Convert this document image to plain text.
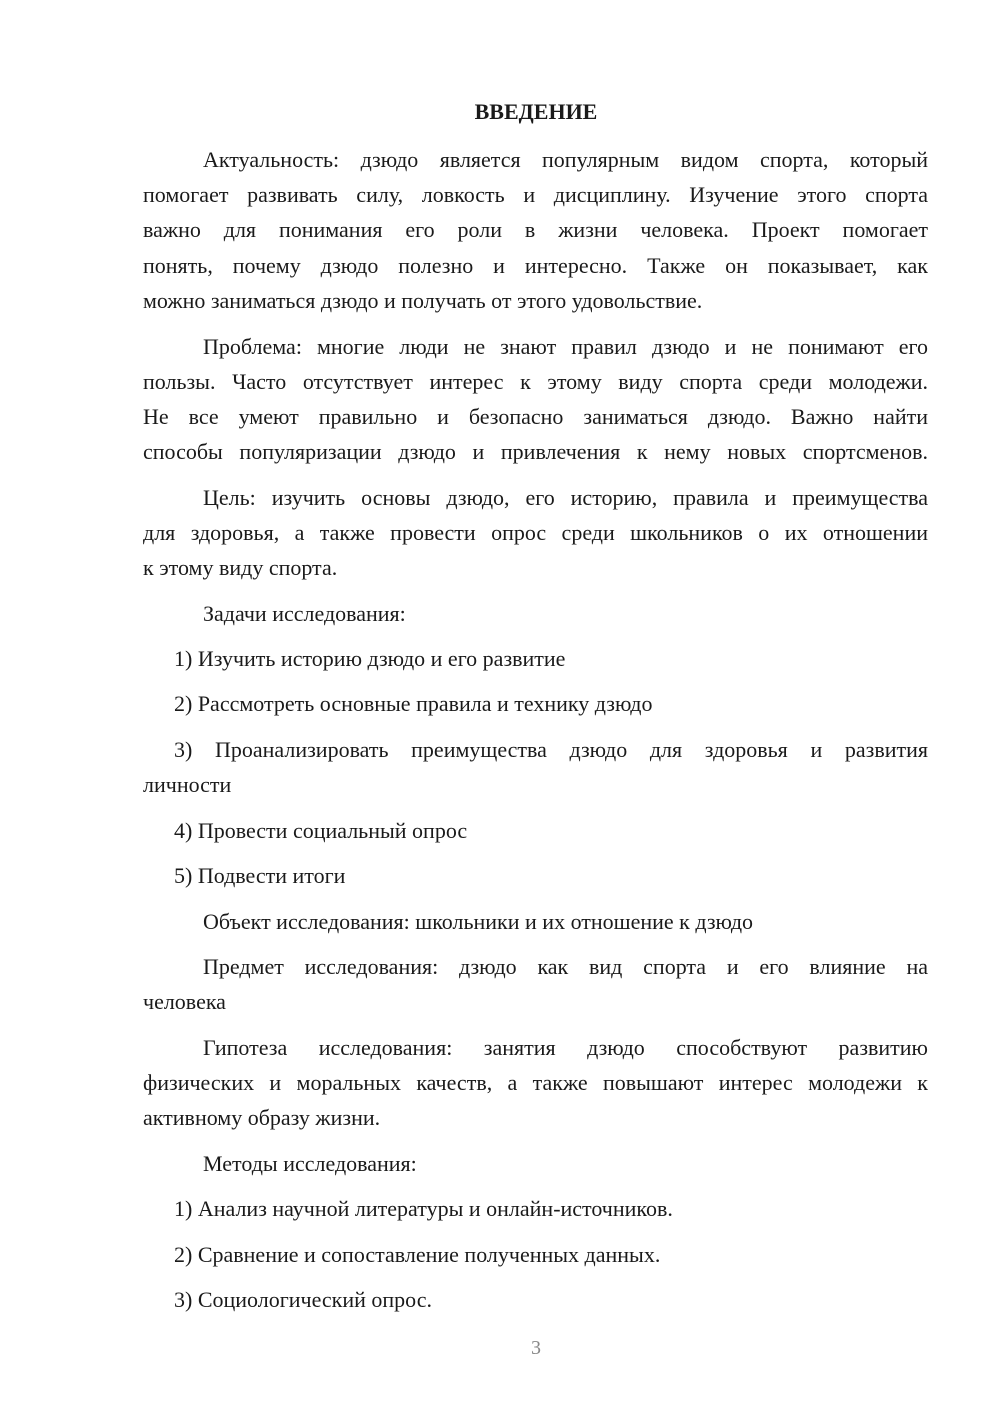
ВВЕДЕНИЕ
Актуальность: дзюдо является популярным видом спорта, который
помогает развивать силу, ловкость и дисциплину. Изучение этого спорта
важно для понимания его роли в жизни человека. Проект помогает
понять, почему дзюдо полезно и интересно. Также он показывает, как
можно заниматься дзюдо и получать от этого удовольствие.
Проблема: многие люди не знают правил дзюдо и не понимают его
пользы. Часто отсутствует интерес к этому виду спорта среди молодежи.
Не все умеют правильно и безопасно заниматься дзюдо. Важно найти
способы популяризации дзюдо и привлечения к нему новых спортсменов.
Цель: изучить основы дзюдо, его историю, правила и преимущества
для здоровья, а также провести опрос среди школьников о их отношении
к этому виду спорта.
Задачи исследования:
1) Изучить историю дзюдо и его развитие
2) Рассмотреть основные правила и технику дзюдо
3) Проанализировать преимущества дзюдо для здоровья и развития
личности
4) Провести социальный опрос
5) Подвести итоги
Объект исследования: школьники и их отношение к дзюдо
Предмет исследования: дзюдо как вид спорта и его влияние на
человека
Гипотеза исследования: занятия дзюдо способствуют развитию
физических и моральных качеств, а также повышают интерес молодежи к
активному образу жизни.
Методы исследования:
1) Анализ научной литературы и онлайн-источников.
2) Сравнение и сопоставление полученных данных.
3) Социологический опрос.
3
